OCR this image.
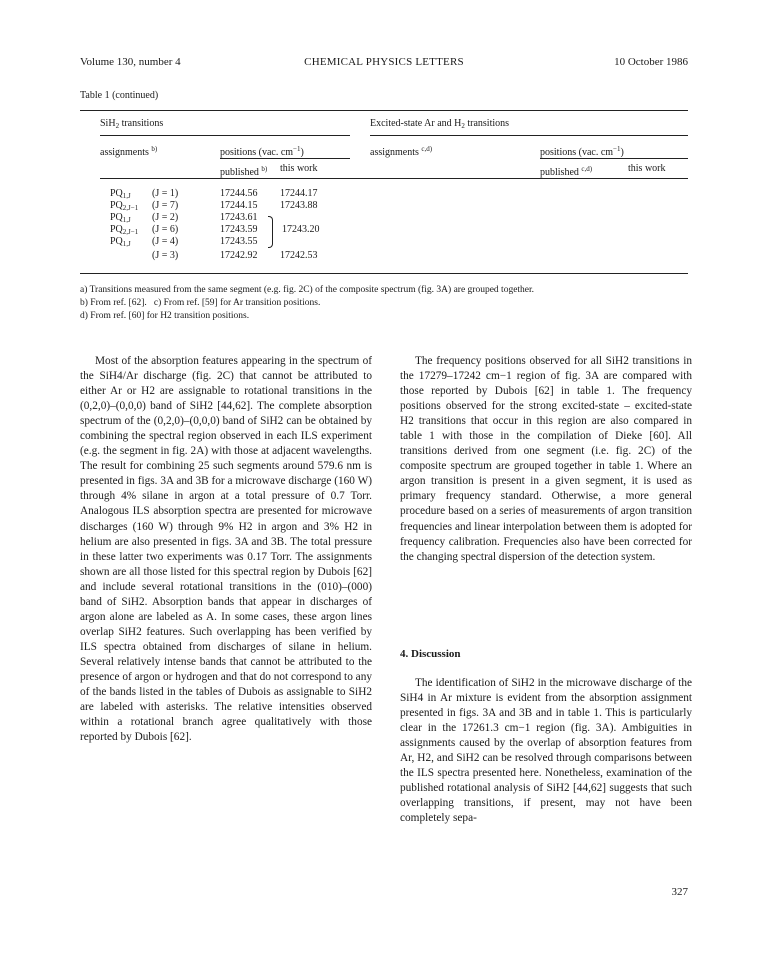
Volume 130, number 4	CHEMICAL PHYSICS LETTERS	10 October 1986
Table 1 (continued)
SiH$_2$ transitions	Excited-state Ar and $H_2$ transitions
assignments $^{b)}$	positions (vac. $cm^{-1}$)	assignments $^{c,d)}$	positions (vac. $cm^{-1}$)
published $^{b)}$ this work	published $^{c,d)}$	this work
$PQ_{1,J}$ (J = 1)	17244.56 17244.17
$PQ_{2,J-1}$ (J = 7)	17244.15 17243.88
$PQ_{1,J}$ (J = 2)	17243.61
$PQ_{2,J-1}$ (J = 6)	17243.59 17243.20
$PQ_{1,J}$ (J = 4)	17243.55
(J = 3)	17242.92 17242.53
a) Transitions measured from the same segment (e.g. fig. 2C) of the composite spectrum (fig. 3A) are grouped together.
b) From ref. [62]. c) From ref. [59] for Ar transition positions.
d) From ref. [60] for H2 transition positions.

Most of the absorption features appearing in the spectrum of the SiH4/Ar discharge (fig. 2C) that cannot be attributed to either Ar or H2 are assignable to rotational transitions in the (0,2,0)–(0,0,0) band of SiH2 [44,62]. The complete absorption spectrum of the (0,2,0)–(0,0,0) band of SiH2 can be obtained by combining the spectral region observed in each ILS experiment (e.g. the segment in fig. 2A) with those at adjacent wavelengths. The result for combining 25 such segments around 579.6 nm is presented in figs. 3A and 3B for a microwave discharge (160 W) through 4% silane in argon at a total pressure of 0.7 Torr. Analogous ILS absorption spectra are presented for microwave discharges (160 W) through 9% H2 in argon and 3% H2 in helium are also presented in figs. 3A and 3B. The total pressure in these latter two experiments was 0.17 Torr. The assignments shown are all those listed for this spectral region by Dubois [62] and include several rotational transitions in the (010)–(000) band of SiH2. Absorption bands that appear in discharges of argon alone are labeled as A. In some cases, these argon lines overlap SiH2 features. Such overlapping has been verified by ILS spectra obtained from discharges of silane in helium. Several relatively intense bands that cannot be attributed to the presence of argon or hydrogen and that do not correspond to any of the bands listed in the tables of Dubois as assignable to SiH2 are labeled with asterisks. The relative intensities observed within a rotational branch agree qualitatively with those reported by Dubois [62].

The frequency positions observed for all SiH2 transitions in the 17279–17242 cm−1 region of fig. 3A are compared with those reported by Dubois [62] in table 1. The frequency positions observed for the strong excited-state – excited-state H2 transitions that occur in this region are also compared in table 1 with those in the compilation of Dieke [60]. All transitions derived from one segment (i.e. fig. 2C) of the composite spectrum are grouped together in table 1. Where an argon transition is present in a given segment, it is used as primary frequency standard. Otherwise, a more general procedure based on a series of measurements of argon transition frequencies and linear interpolation between them is adopted for frequency calibration. Frequencies also have been corrected for the changing spectral dispersion of the detection system.

4. Discussion

The identification of SiH2 in the microwave discharge of the SiH4 in Ar mixture is evident from the absorption assignment presented in figs. 3A and 3B and in table 1. This is particularly clear in the 17261.3 cm−1 region (fig. 3A). Ambiguities in assignments caused by the overlap of absorption features from Ar, H2, and SiH2 can be resolved through comparisons between the ILS spectra presented here. Nonetheless, examination of the published rotational analysis of SiH2 [44,62] suggests that such overlapping transitions, if present, may not have been completely sepa-

327
